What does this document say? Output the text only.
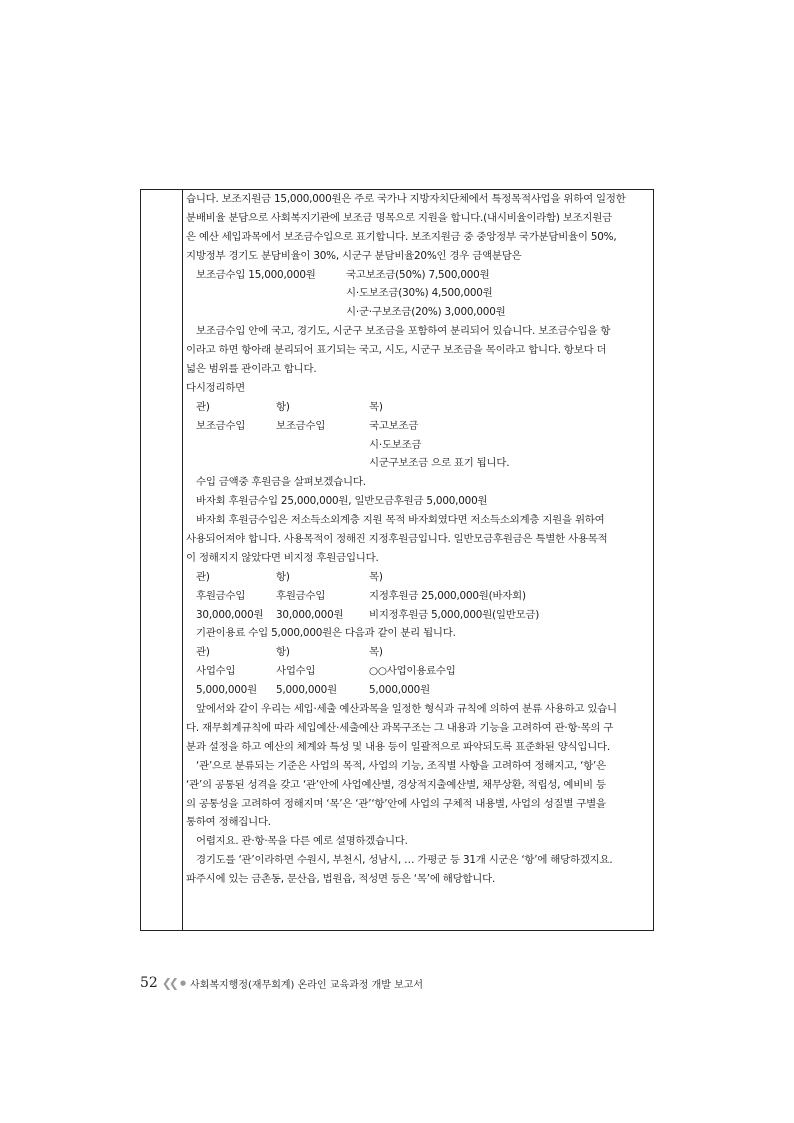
습니다. 보조지원금 15,000,000원은 주로 국가나 지방자치단체에서 특정목적사업을 위하여 일정한
분배비율 분담으로 사회복지기관에 보조금 명목으로 지원을 합니다.(내시비율이라함) 보조지원금
은 예산 세입과목에서 보조금수입으로 표기합니다. 보조지원금 중 중앙정부 국가분담비율이 50%,
지방정부 경기도 분담비율이 30%, 시군구 분담비율20%인 경우 금액분담은
보조금수입 15,000,000원	국고보조금(50%) 7,500,000원
시·도보조금(30%) 4,500,000원
시·군·구보조금(20%) 3,000,000원
보조금수입 안에 국고, 경기도, 시군구 보조금을 포함하여 분리되어 있습니다. 보조금수입을 항
이라고 하면 항아래 분리되어 표기되는 국고, 시도, 시군구 보조금을 목이라고 합니다. 항보다 더
넓은 범위를 관이라고 합니다.
다시정리하면
관)	항)	목)
보조금수입	보조금수입	국고보조금
시·도보조금
시군구보조금 으로 표기 됩니다.
수입 금액중 후원금을 살펴보겠습니다.
바자회 후원금수입 25,000,000원, 일반모금후원금 5,000,000원
바자회 후원금수입은 저소득소외계층 지원 목적 바자회였다면 저소득소외계층 지원을 위하여
사용되어져야 합니다. 사용목적이 정해진 지정후원금입니다. 일반모금후원금은 특별한 사용목적
이 정해지지 않았다면 비지정 후원금입니다.
관)	항)	목)
후원금수입	후원금수입	지정후원금 25,000,000원(바자회)
30,000,000원	30,000,000원	비지정후원금 5,000,000원(일반모금)
기관이용료 수입 5,000,000원은 다음과 같이 분리 됩니다.
관)	항)	목)
사업수입	사업수입	○○사업이용료수입
5,000,000원	5,000,000원	5,000,000원
앞에서와 같이 우리는 세입·세출 예산과목을 일정한 형식과 규칙에 의하여 분류 사용하고 있습니
다. 재무회계규칙에 따라 세입예산·세출예산 과목구조는 그 내용과 기능을 고려하여 관·항·목의 구
분과 설정을 하고 예산의 체계와 특성 및 내용 등이 일괄적으로 파악되도록 표준화된 양식입니다.
‘관’으로 분류되는 기준은 사업의 목적, 사업의 기능, 조직별 사항을 고려하여 정해지고, ‘항’은
‘관’의 공통된 성격을 갖고 ‘관’안에 사업예산별, 경상적지출예산별, 채무상환, 적립성, 예비비 등
의 공통성을 고려하여 정해지며 ‘목’은 ‘관’‘항’안에 사업의 구체적 내용별, 사업의 성질별 구별을
통하여 정해집니다.
어렵지요. 관·항·목을 다른 예로 설명하겠습니다.
경기도를 ‘관’이라하면 수원시, 부천시, 성남시, … 가평군 등 31개 시군은 ‘항’에 해당하겠지요.
파주시에 있는 금촌동, 문산읍, 법원읍, 적성면 등은 ‘목’에 해당합니다.
52 ❮❮ ● 사회복지행정(재무회계) 온라인 교육과정 개발 보고서
